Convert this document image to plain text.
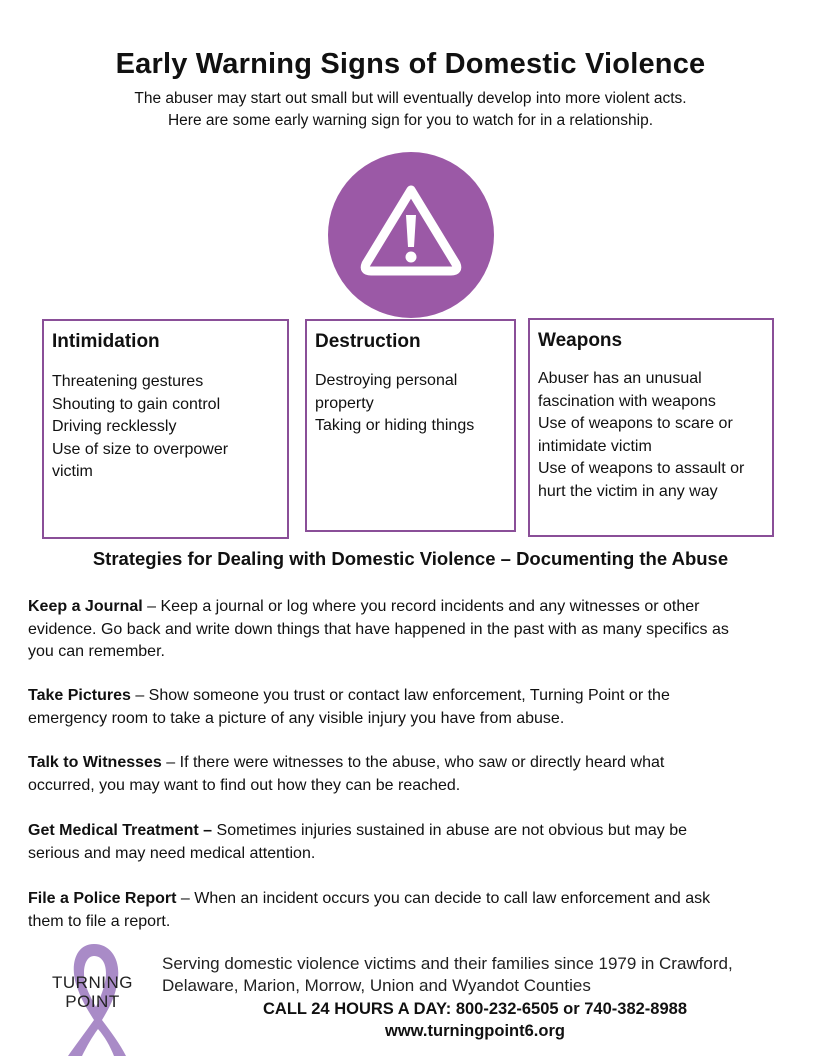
Early Warning Signs of Domestic Violence
The abuser may start out small but will eventually develop into more violent acts.
Here are some early warning sign for you to watch for in a relationship.
Intimidation
Threatening gestures
Shouting to gain control
Driving recklessly
Use of size to overpower
victim
Destruction
Destroying personal
property
Taking or hiding things
Weapons
Abuser has an unusual
fascination with weapons
Use of weapons to scare or
intimidate victim
Use of weapons to assault or
hurt the victim in any way
Strategies for Dealing with Domestic Violence – Documenting the Abuse
Keep a Journal – Keep a journal or log where you record incidents and any witnesses or other
evidence. Go back and write down things that have happened in the past with as many specifics as
you can remember.
Take Pictures – Show someone you trust or contact law enforcement, Turning Point or the
emergency room to take a picture of any visible injury you have from abuse.
Talk to Witnesses – If there were witnesses to the abuse, who saw or directly heard what
occurred, you may want to find out how they can be reached.
Get Medical Treatment – Sometimes injuries sustained in abuse are not obvious but may be
serious and may need medical attention.
File a Police Report – When an incident occurs you can decide to call law enforcement and ask
them to file a report.
TURNING
POINT
Serving domestic violence victims and their families since 1979 in Crawford,
Delaware, Marion, Morrow, Union and Wyandot Counties
CALL 24 HOURS A DAY: 800-232-6505 or 740-382-8988
www.turningpoint6.org
